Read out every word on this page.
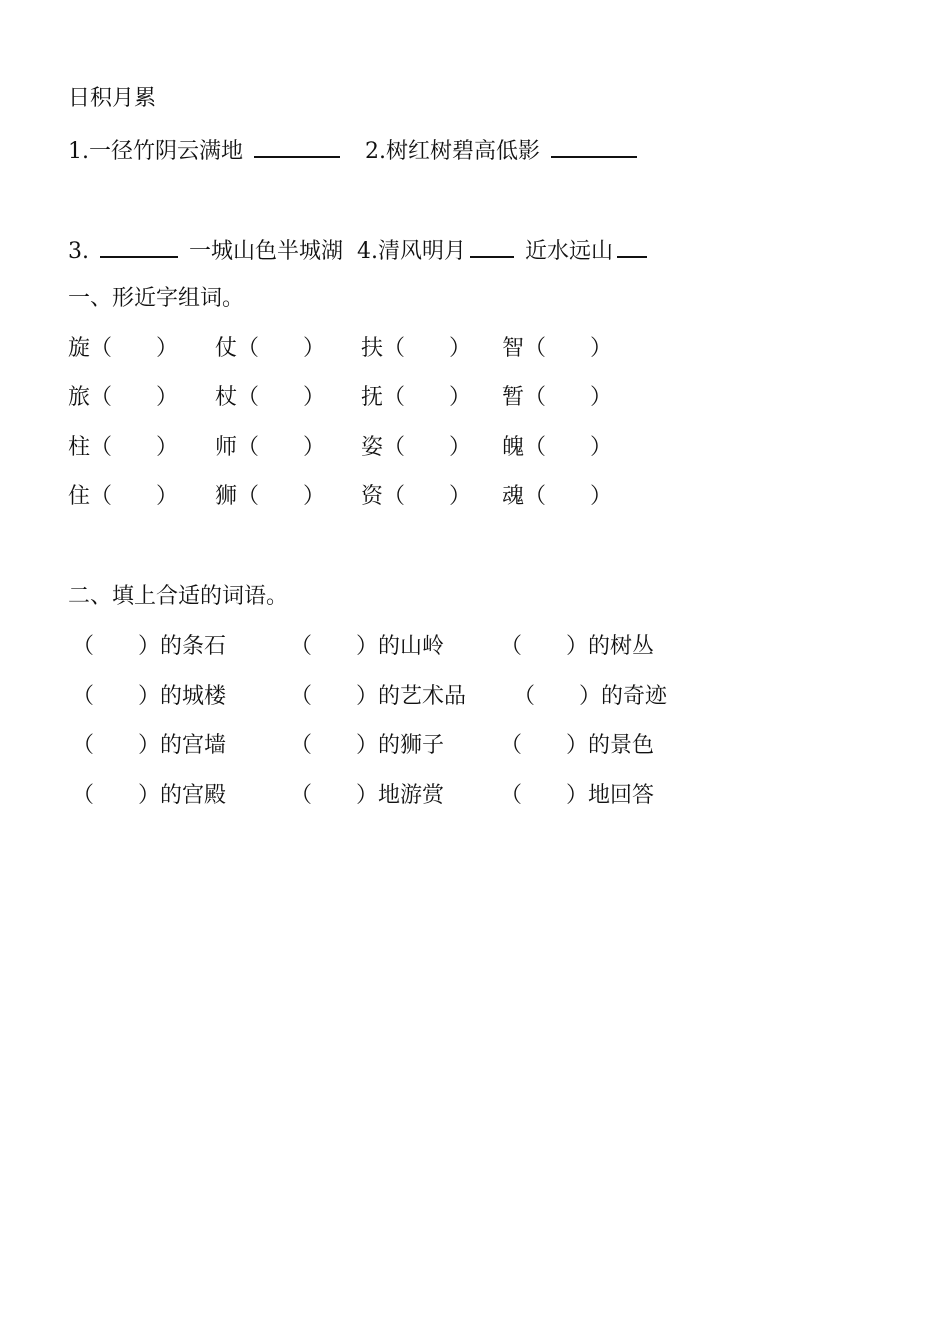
日积月累
1.一径竹阴云满地	2.树红树碧高低影
3.	一城山色半城湖 4.清风明月	近水远山
一、形近字组词。
旋（　　） 仗（　　） 扶（　　） 智（　　）
旅（　　） 杖（　　） 抚（　　） 暂（　　）
柱（　　） 师（　　） 姿（　　） 魄（　　）
住（　　） 狮（　　） 资（　　） 魂（　　）
二、填上合适的词语。
（　　）的条石	（　　）的山岭	（　　）的树丛
（　　）的城楼	（　　）的艺术品 （　　）的奇迹
（　　）的宫墙	（　　）的狮子	（　　）的景色
（　　）的宫殿	（　　）地游赏	（　　）地回答
